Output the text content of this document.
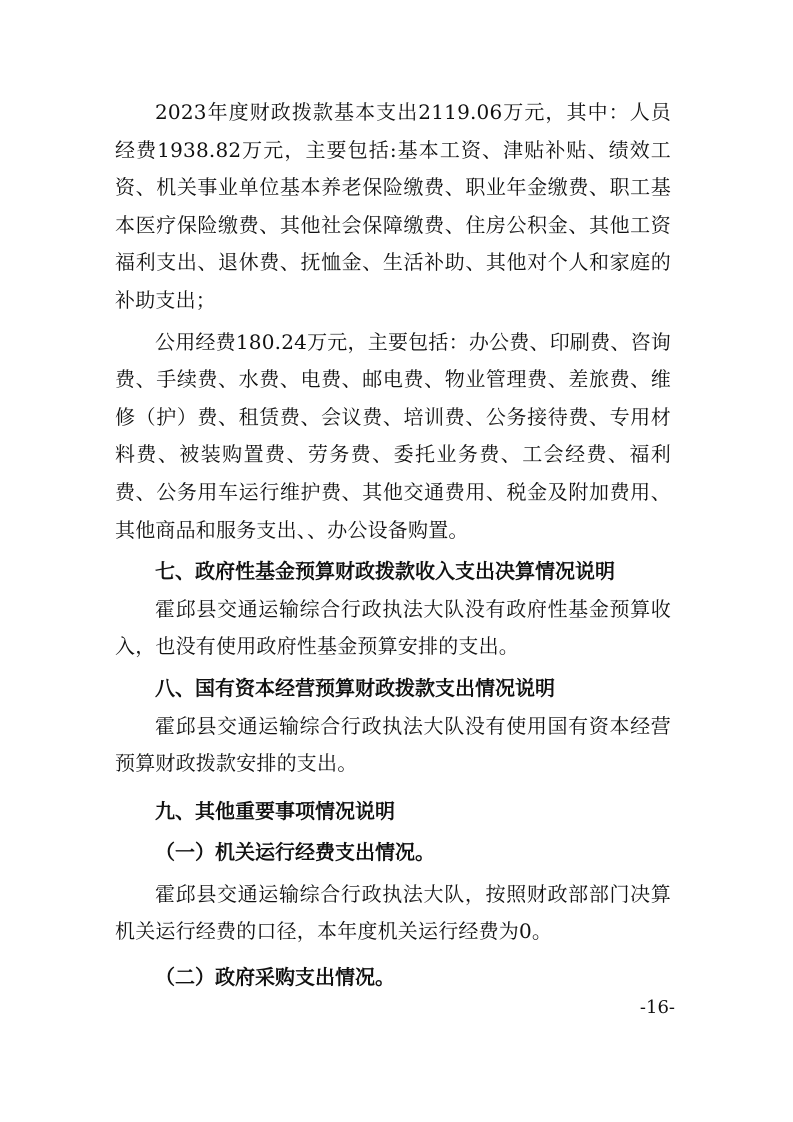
2023年度财政拨款基本支出2119.06万元，其中：人员经费1938.82万元，主要包括:基本工资、津贴补贴、绩效工资、机关事业单位基本养老保险缴费、职业年金缴费、职工基本医疗保险缴费、其他社会保障缴费、住房公积金、其他工资福利支出、退休费、抚恤金、生活补助、其他对个人和家庭的补助支出；

公用经费180.24万元，主要包括：办公费、印刷费、咨询费、手续费、水费、电费、邮电费、物业管理费、差旅费、维修（护）费、租赁费、会议费、培训费、公务接待费、专用材料费、被装购置费、劳务费、委托业务费、工会经费、福利费、公务用车运行维护费、其他交通费用、税金及附加费用、其他商品和服务支出、、办公设备购置。

七、政府性基金预算财政拨款收入支出决算情况说明

霍邱县交通运输综合行政执法大队没有政府性基金预算收入，也没有使用政府性基金预算安排的支出。

八、国有资本经营预算财政拨款支出情况说明

霍邱县交通运输综合行政执法大队没有使用国有资本经营预算财政拨款安排的支出。

九、其他重要事项情况说明

（一）机关运行经费支出情况。

霍邱县交通运输综合行政执法大队，按照财政部部门决算机关运行经费的口径，本年度机关运行经费为0。

（二）政府采购支出情况。

-16-
